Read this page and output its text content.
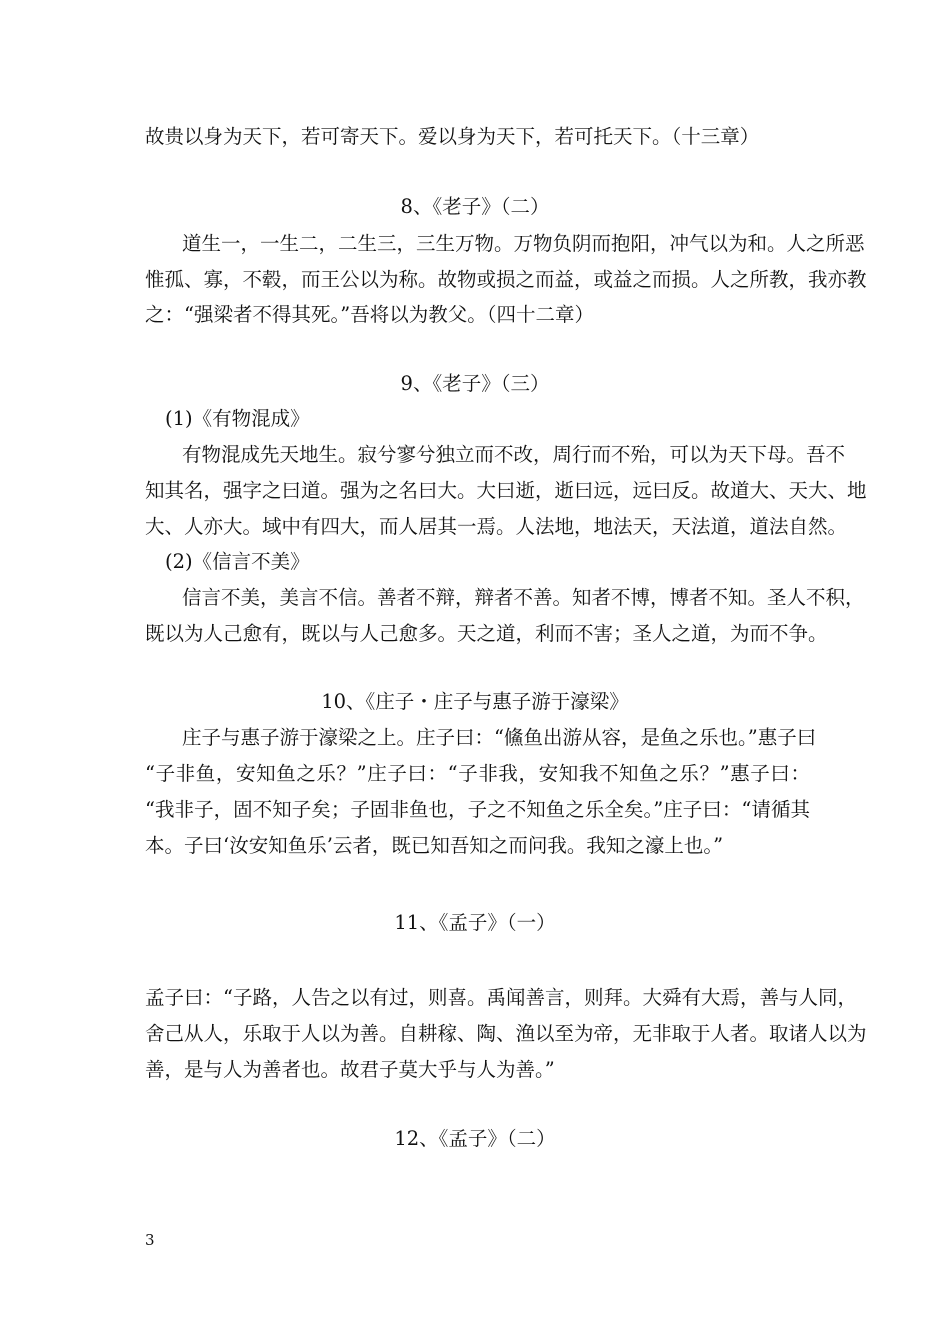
故贵以身为天下，若可寄天下。爱以身为天下，若可托天下。（十三章）
8、《老子》（二）
道生一，一生二，二生三，三生万物。万物负阴而抱阳，冲气以为和。人之所恶
惟孤、寡，不毂，而王公以为称。故物或损之而益，或益之而损。人之所教，我亦教
之：“强梁者不得其死。”吾将以为教父。（四十二章）
9、《老子》（三）
(1)《有物混成》
有物混成先天地生。寂兮寥兮独立而不改，周行而不殆，可以为天下母。吾不
知其名，强字之曰道。强为之名曰大。大曰逝，逝曰远，远曰反。故道大、天大、地
大、人亦大。域中有四大，而人居其一焉。人法地，地法天，天法道，道法自然。
(2)《信言不美》
信言不美，美言不信。善者不辩，辩者不善。知者不博，博者不知。圣人不积，
既以为人己愈有，既以与人己愈多。天之道，利而不害；圣人之道，为而不争。
10、《庄子・庄子与惠子游于濠梁》
庄子与惠子游于濠梁之上。庄子曰：“鯈鱼出游从容，是鱼之乐也。”惠子曰
“子非鱼，安知鱼之乐？”庄子曰：“子非我，安知我不知鱼之乐？”惠子曰：
“我非子，固不知子矣；子固非鱼也，子之不知鱼之乐全矣。”庄子曰：“请循其
本。子曰‘汝安知鱼乐’云者，既已知吾知之而问我。我知之濠上也。”
11、《孟子》（一）
孟子曰：“子路，人告之以有过，则喜。禹闻善言，则拜。大舜有大焉，善与人同，
舍己从人，乐取于人以为善。自耕稼、陶、渔以至为帝，无非取于人者。取诸人以为
善，是与人为善者也。故君子莫大乎与人为善。”
12、《孟子》（二）
3
